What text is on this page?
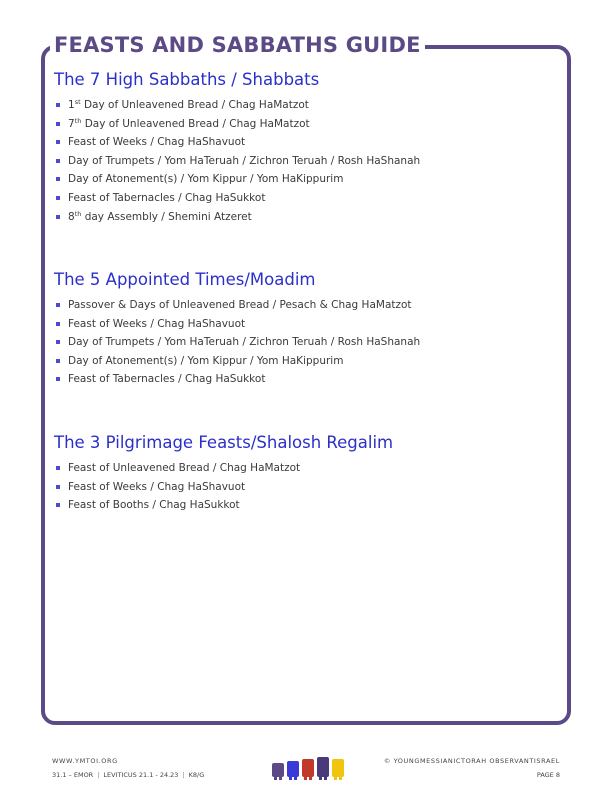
FEASTS AND SABBATHS GUIDE
The 7 High Sabbaths / Shabbats
1st Day of Unleavened Bread / Chag HaMatzot
7th Day of Unleavened Bread / Chag HaMatzot
Feast of Weeks / Chag HaShavuot
Day of Trumpets / Yom HaTeruah / Zichron Teruah / Rosh HaShanah
Day of Atonement(s) / Yom Kippur / Yom HaKippurim
Feast of Tabernacles / Chag HaSukkot
8th day Assembly / Shemini Atzeret
The 5 Appointed Times/Moadim
Passover & Days of Unleavened Bread / Pesach & Chag HaMatzot
Feast of Weeks / Chag HaShavuot
Day of Trumpets / Yom HaTeruah / Zichron Teruah / Rosh HaShanah
Day of Atonement(s) / Yom Kippur / Yom HaKippurim
Feast of Tabernacles / Chag HaSukkot
The 3 Pilgrimage Feasts/Shalosh Regalim
Feast of Unleavened Bread / Chag HaMatzot
Feast of Weeks / Chag HaShavuot
Feast of Booths / Chag HaSukkot
WWW.YMTOI.ORG
31.1 – EMOR | LEVITICUS 21.1 - 24.23 | K8/G
© YOUNGMESSIANICTORAH OBSERVANTISRAEL
PAGE 8
